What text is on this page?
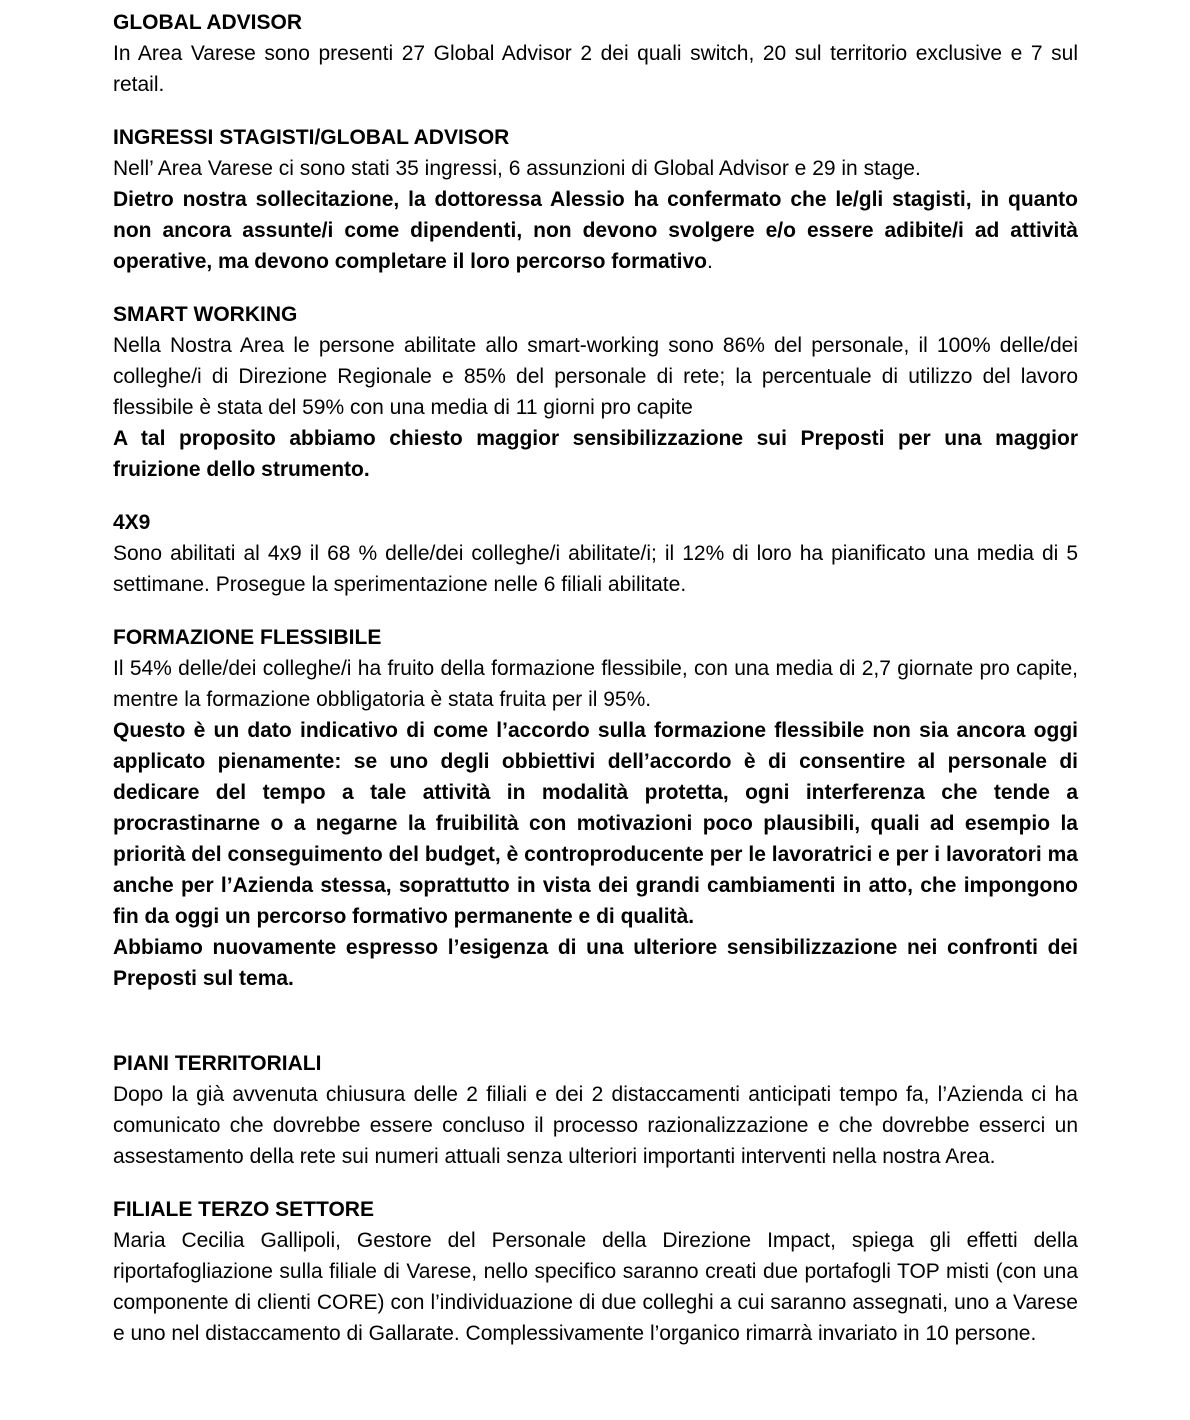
GLOBAL ADVISOR

In Area Varese sono presenti 27 Global Advisor 2 dei quali switch, 20 sul territorio exclusive e 7 sul retail.

INGRESSI STAGISTI/GLOBAL ADVISOR

Nell’ Area Varese ci sono stati 35 ingressi, 6 assunzioni di Global Advisor e 29 in stage.

Dietro nostra sollecitazione, la dottoressa Alessio ha confermato che le/gli stagisti, in quanto non ancora assunte/i come dipendenti, non devono svolgere e/o essere adibite/i ad attività operative, ma devono completare il loro percorso formativo.

SMART WORKING

Nella Nostra Area le persone abilitate allo smart-working sono 86% del personale, il 100% delle/dei colleghe/i di Direzione Regionale e 85% del personale di rete; la percentuale di utilizzo del lavoro flessibile è stata del 59% con una media di 11 giorni pro capite

A tal proposito abbiamo chiesto maggior sensibilizzazione sui Preposti per una maggior fruizione dello strumento.

4X9

Sono abilitati al 4x9 il 68 % delle/dei colleghe/i abilitate/i; il 12% di loro ha pianificato una media di 5 settimane. Prosegue la sperimentazione nelle 6 filiali abilitate.

FORMAZIONE FLESSIBILE

Il 54% delle/dei colleghe/i ha fruito della formazione flessibile, con una media di 2,7 giornate pro capite, mentre la formazione obbligatoria è stata fruita per il 95%.

Questo è un dato indicativo di come l’accordo sulla formazione flessibile non sia ancora oggi applicato pienamente: se uno degli obbiettivi dell’accordo è di consentire al personale di dedicare del tempo a tale attività in modalità protetta, ogni interferenza che tende a procrastinarne o a negarne la fruibilità con motivazioni poco plausibili, quali ad esempio la priorità del conseguimento del budget, è controproducente per le lavoratrici e per i lavoratori ma anche per l’Azienda stessa, soprattutto in vista dei grandi cambiamenti in atto, che impongono fin da oggi un percorso formativo permanente e di qualità.

Abbiamo nuovamente espresso l’esigenza di una ulteriore sensibilizzazione nei confronti dei Preposti sul tema.

PIANI TERRITORIALI

Dopo la già avvenuta chiusura delle 2 filiali e dei 2 distaccamenti anticipati tempo fa, l’Azienda ci ha comunicato che dovrebbe essere concluso il processo razionalizzazione e che dovrebbe esserci un assestamento della rete sui numeri attuali senza ulteriori importanti interventi nella nostra Area.

FILIALE TERZO SETTORE

Maria Cecilia Gallipoli, Gestore del Personale della Direzione Impact, spiega gli effetti della riportafogliazione sulla filiale di Varese, nello specifico saranno creati due portafogli TOP misti (con una componente di clienti CORE) con l’individuazione di due colleghi a cui saranno assegnati, uno a Varese e uno nel distaccamento di Gallarate. Complessivamente l’organico rimarrà invariato in 10 persone.
